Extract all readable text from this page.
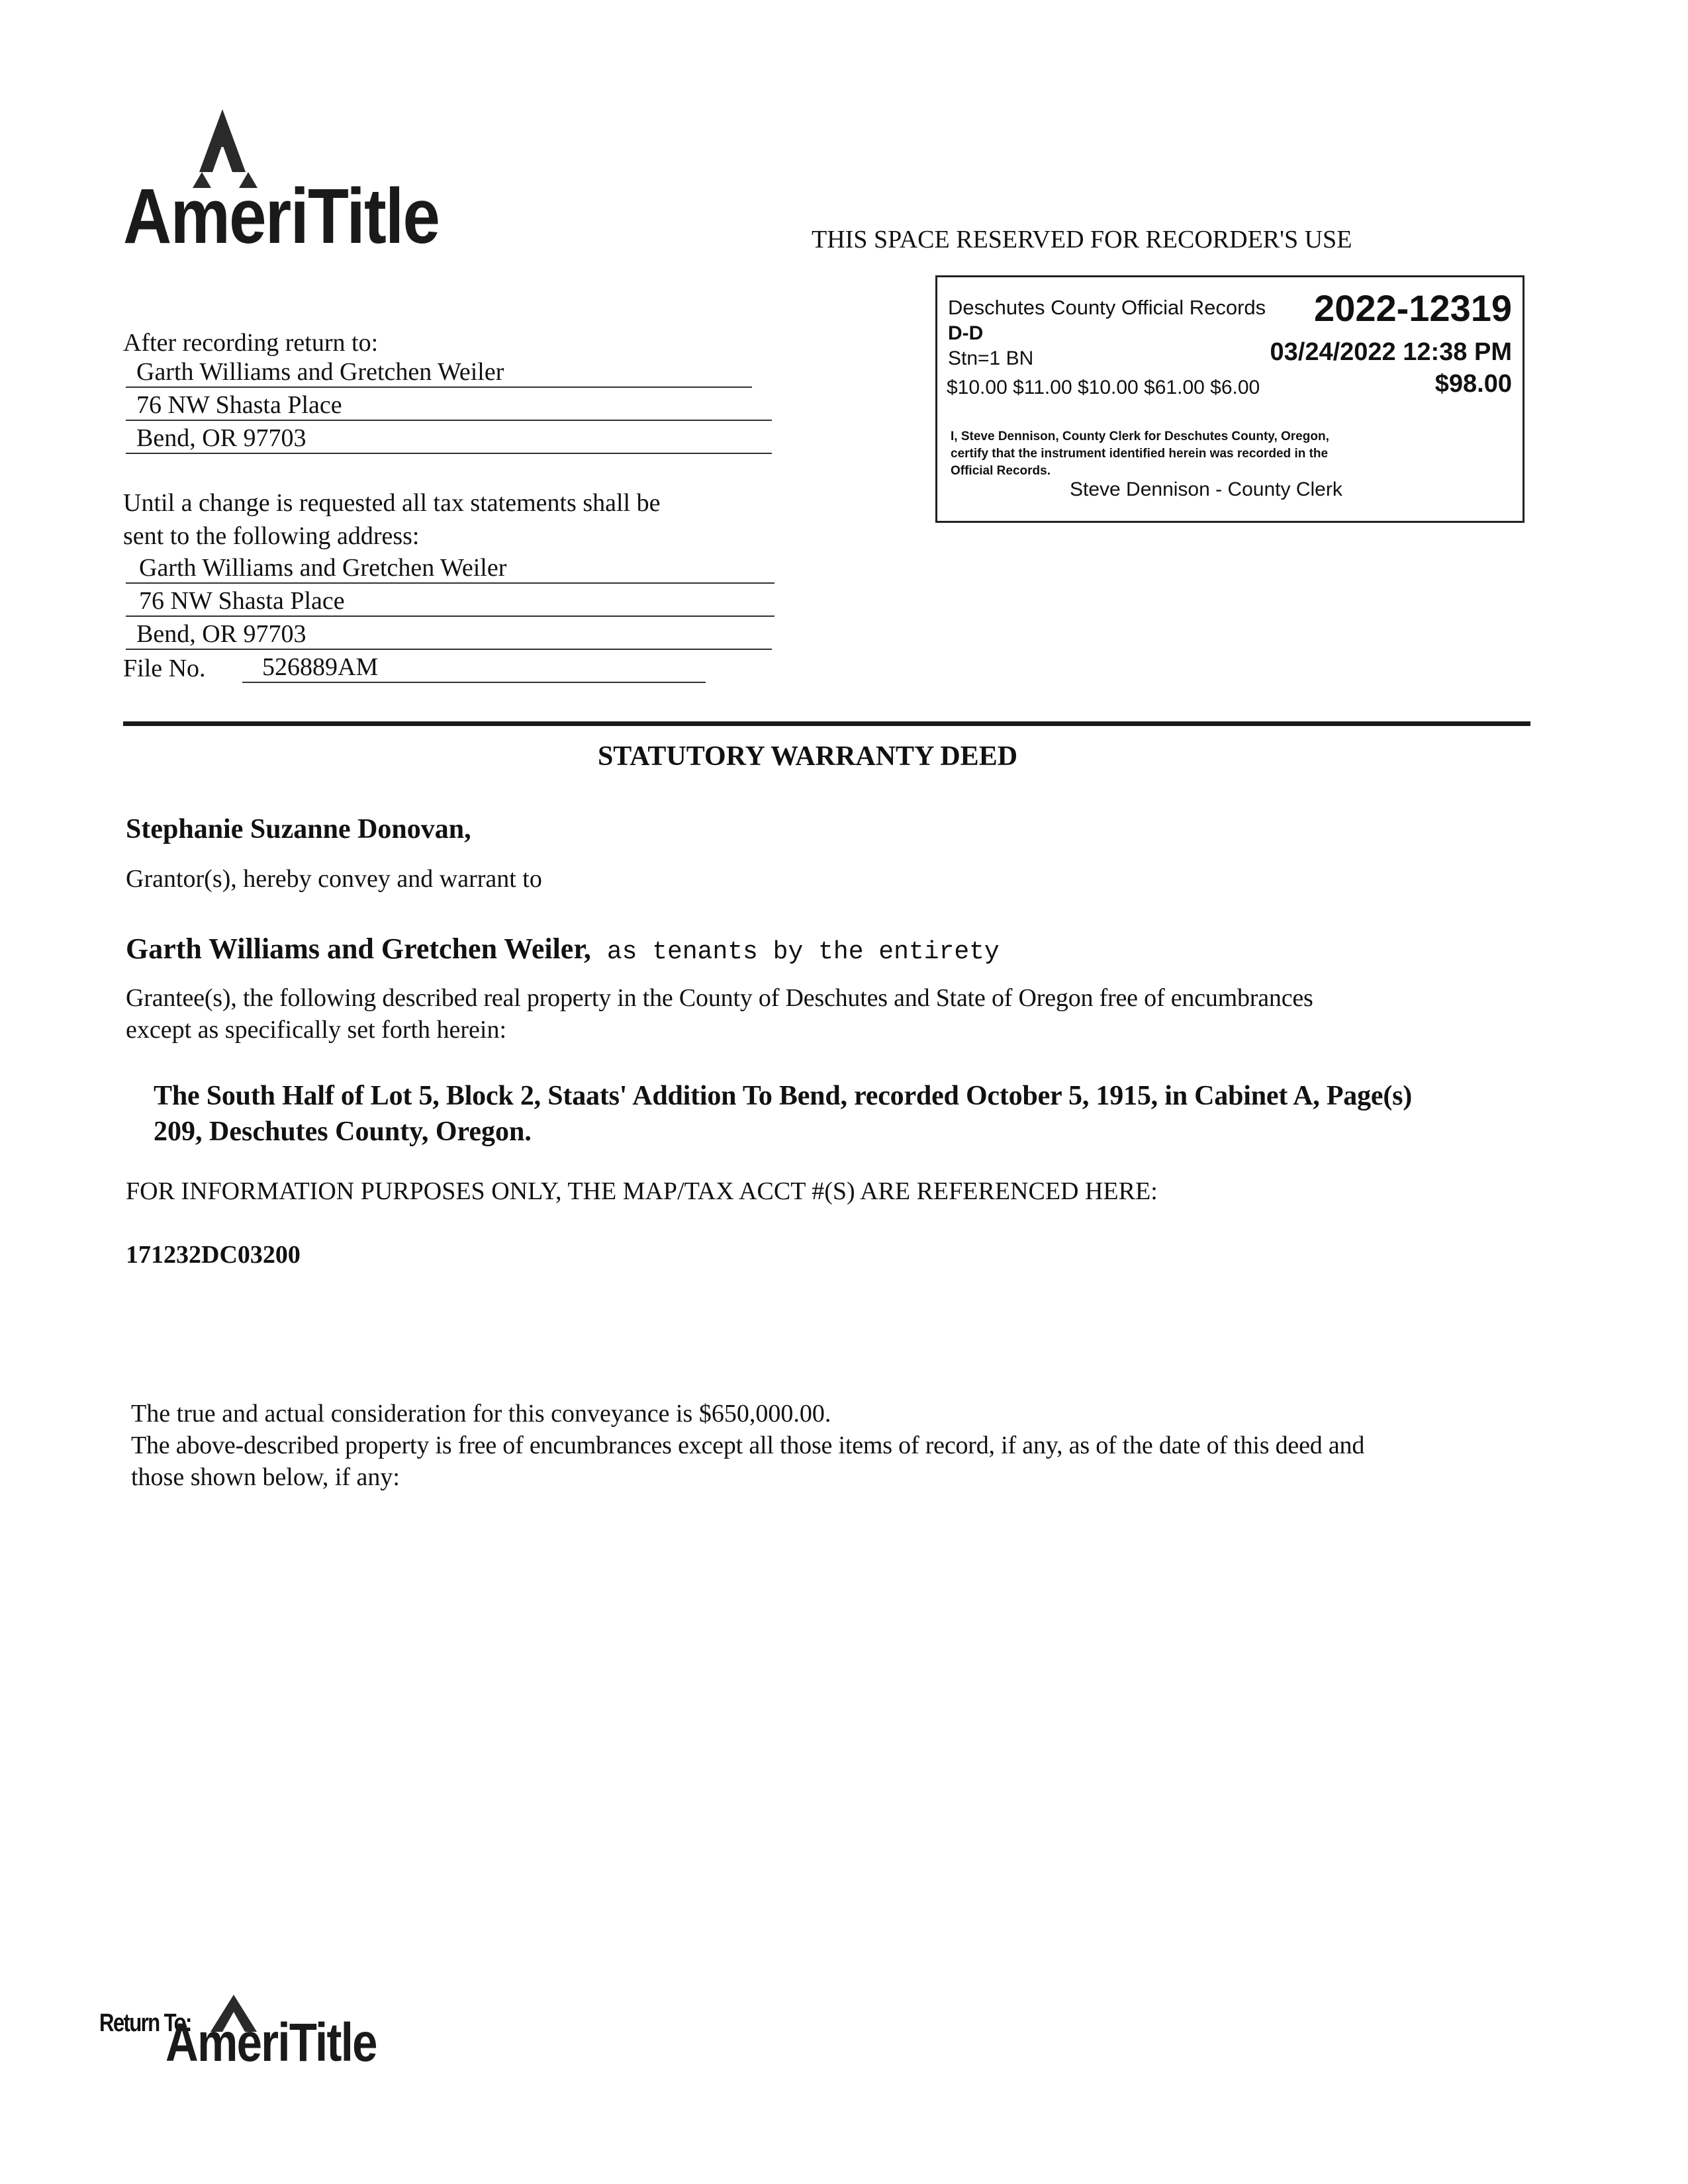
AmeriTitle	THIS SPACE RESERVED FOR RECORDER'S USE
After recording return to:
Garth Williams and Gretchen Weiler
76 NW Shasta Place
Bend, OR 97703
Until a change is requested all tax statements shall be
sent to the following address:
Garth Williams and Gretchen Weiler
76 NW Shasta Place
Bend, OR 97703
File No.	526889AM
Deschutes County Official Records 2022-12319
D-D
Stn=1 BN	03/24/2022 12:38 PM
$10.00 $11.00 $10.00 $61.00 $6.00	$98.00
I, Steve Dennison, County Clerk for Deschutes County, Oregon,
certify that the instrument identified herein was recorded in the
Official Records.
Steve Dennison - County Clerk
STATUTORY WARRANTY DEED
Stephanie Suzanne Donovan,
Grantor(s), hereby convey and warrant to
Garth Williams and Gretchen Weiler, as tenants by the entirety
Grantee(s), the following described real property in the County of Deschutes and State of Oregon free of encumbrances
except as specifically set forth herein:
The South Half of Lot 5, Block 2, Staats' Addition To Bend, recorded October 5, 1915, in Cabinet A, Page(s)
209, Deschutes County, Oregon.
FOR INFORMATION PURPOSES ONLY, THE MAP/TAX ACCT #(S) ARE REFERENCED HERE:
171232DC03200
The true and actual consideration for this conveyance is $650,000.00.
The above-described property is free of encumbrances except all those items of record, if any, as of the date of this deed and
those shown below, if any:
Return To:
AmeriTitle
